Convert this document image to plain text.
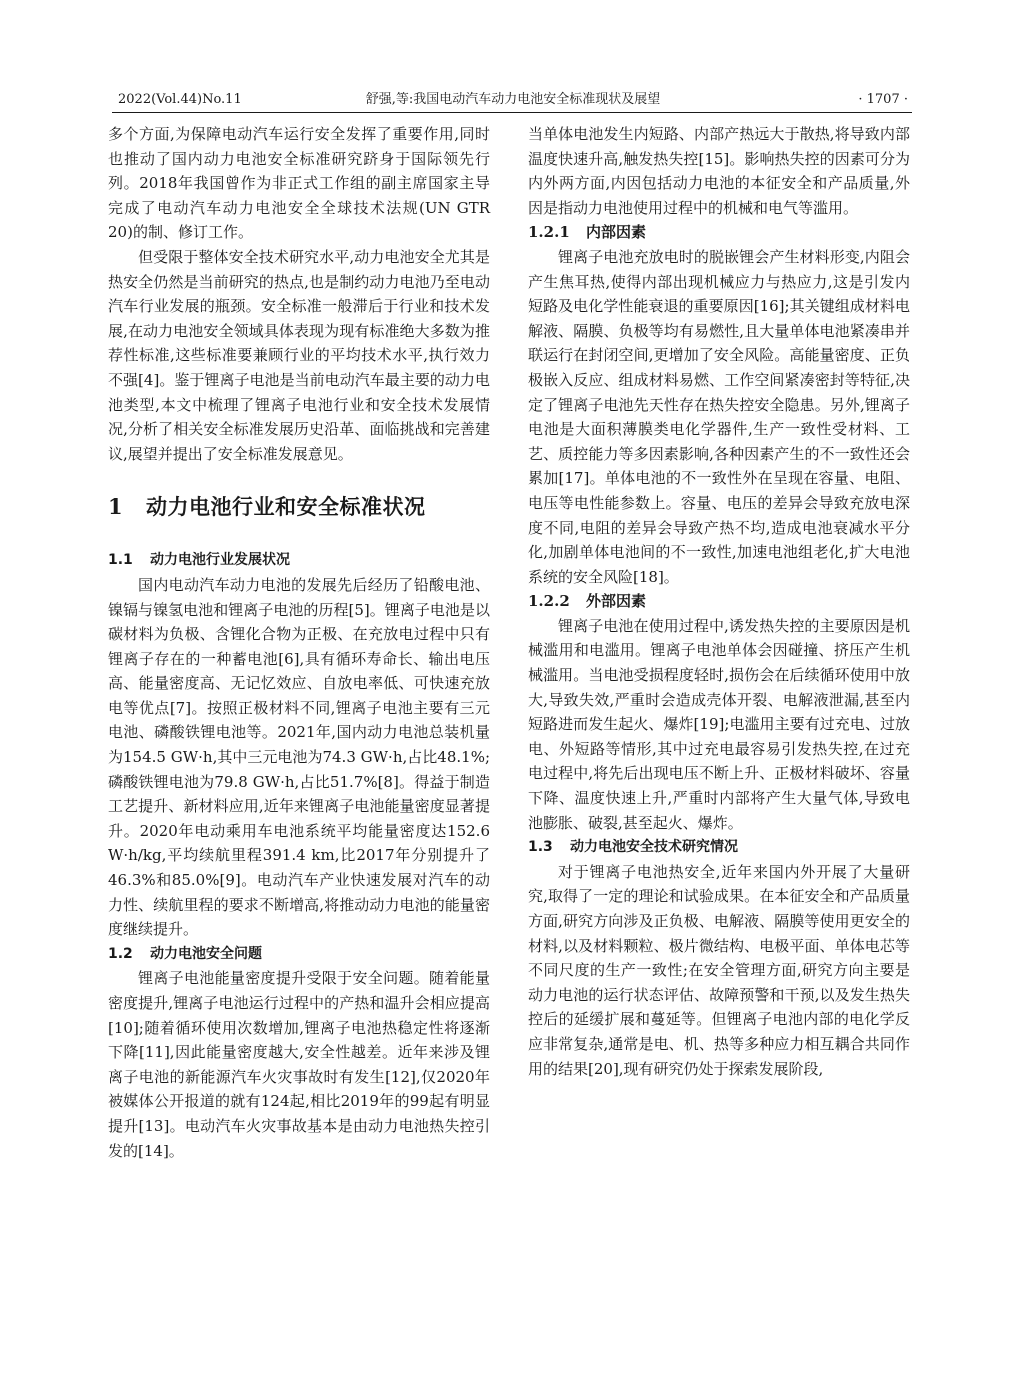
2022(Vol.44)No.11	舒强,等:我国电动汽车动力电池安全标准现状及展望	· 1707 ·

多个方面,为保障电动汽车运行安全发挥了重要作用,同时也推动了国内动力电池安全标准研究跻身于国际领先行列。2018年我国曾作为非正式工作组的副主席国家主导完成了电动汽车动力电池安全全球技术法规(UN GTR 20)的制、修订工作。

但受限于整体安全技术研究水平,动力电池安全尤其是热安全仍然是当前研究的热点,也是制约动力电池乃至电动汽车行业发展的瓶颈。安全标准一般滞后于行业和技术发展,在动力电池安全领域具体表现为现有标准绝大多数为推荐性标准,这些标准要兼顾行业的平均技术水平,执行效力不强[4]。鉴于锂离子电池是当前电动汽车最主要的动力电池类型,本文中梳理了锂离子电池行业和安全技术发展情况,分析了相关安全标准发展历史沿革、面临挑战和完善建议,展望并提出了安全标准发展意见。

1 动力电池行业和安全标准状况
1.1 动力电池行业发展状况

国内电动汽车动力电池的发展先后经历了铅酸电池、镍镉与镍氢电池和锂离子电池的历程[5]。锂离子电池是以碳材料为负极、含锂化合物为正极、在充放电过程中只有锂离子存在的一种蓄电池[6],具有循环寿命长、输出电压高、能量密度高、无记忆效应、自放电率低、可快速充放电等优点[7]。按照正极材料不同,锂离子电池主要有三元电池、磷酸铁锂电池等。2021年,国内动力电池总装机量为154.5 GW·h,其中三元电池为74.3 GW·h,占比48.1%;磷酸铁锂电池为79.8 GW·h,占比51.7%[8]。得益于制造工艺提升、新材料应用,近年来锂离子电池能量密度显著提升。2020年电动乘用车电池系统平均能量密度达152.6 W·h/kg,平均续航里程391.4 km,比2017年分别提升了46.3%和85.0%[9]。电动汽车产业快速发展对汽车的动力性、续航里程的要求不断增高,将推动动力电池的能量密度继续提升。

1.2 动力电池安全问题

锂离子电池能量密度提升受限于安全问题。随着能量密度提升,锂离子电池运行过程中的产热和温升会相应提高[10];随着循环使用次数增加,锂离子电池热稳定性将逐渐下降[11],因此能量密度越大,安全性越差。近年来涉及锂离子电池的新能源汽车火灾事故时有发生[12],仅2020年被媒体公开报道的就有124起,相比2019年的99起有明显提升[13]。电动汽车火灾事故基本是由动力电池热失控引发的[14]。

当单体电池发生内短路、内部产热远大于散热,将导致内部温度快速升高,触发热失控[15]。影响热失控的因素可分为内外两方面,内因包括动力电池的本征安全和产品质量,外因是指动力电池使用过程中的机械和电气等滥用。

1.2.1 内部因素

锂离子电池充放电时的脱嵌锂会产生材料形变,内阻会产生焦耳热,使得内部出现机械应力与热应力,这是引发内短路及电化学性能衰退的重要原因[16];其关键组成材料电解液、隔膜、负极等均有易燃性,且大量单体电池紧凑串并联运行在封闭空间,更增加了安全风险。高能量密度、正负极嵌入反应、组成材料易燃、工作空间紧凑密封等特征,决定了锂离子电池先天性存在热失控安全隐患。另外,锂离子电池是大面积薄膜类电化学器件,生产一致性受材料、工艺、质控能力等多因素影响,各种因素产生的不一致性还会累加[17]。单体电池的不一致性外在呈现在容量、电阻、电压等电性能参数上。容量、电压的差异会导致充放电深度不同,电阻的差异会导致产热不均,造成电池衰减水平分化,加剧单体电池间的不一致性,加速电池组老化,扩大电池系统的安全风险[18]。

1.2.2 外部因素

锂离子电池在使用过程中,诱发热失控的主要原因是机械滥用和电滥用。锂离子电池单体会因碰撞、挤压产生机械滥用。当电池受损程度轻时,损伤会在后续循环使用中放大,导致失效,严重时会造成壳体开裂、电解液泄漏,甚至内短路进而发生起火、爆炸[19];电滥用主要有过充电、过放电、外短路等情形,其中过充电最容易引发热失控,在过充电过程中,将先后出现电压不断上升、正极材料破坏、容量下降、温度快速上升,严重时内部将产生大量气体,导致电池膨胀、破裂,甚至起火、爆炸。

1.3 动力电池安全技术研究情况

对于锂离子电池热安全,近年来国内外开展了大量研究,取得了一定的理论和试验成果。在本征安全和产品质量方面,研究方向涉及正负极、电解液、隔膜等使用更安全的材料,以及材料颗粒、极片微结构、电极平面、单体电芯等不同尺度的生产一致性;在安全管理方面,研究方向主要是动力电池的运行状态评估、故障预警和干预,以及发生热失控后的延缓扩展和蔓延等。但锂离子电池内部的电化学反应非常复杂,通常是电、机、热等多种应力相互耦合共同作用的结果[20],现有研究仍处于探索发展阶段,
